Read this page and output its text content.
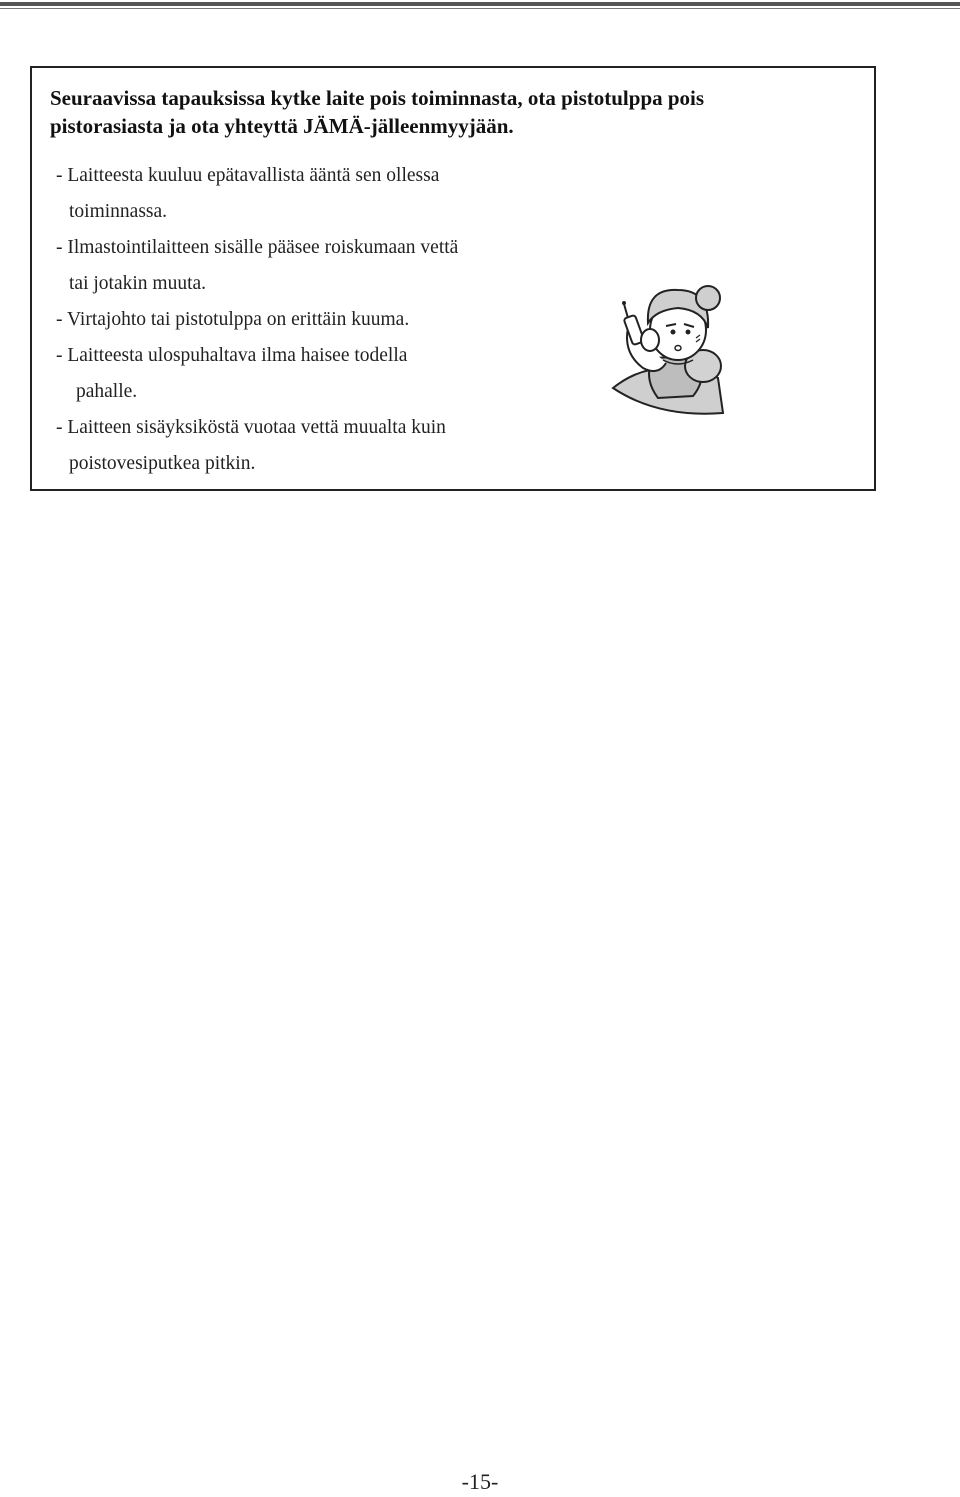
Seuraavissa tapauksissa kytke laite pois toiminnasta, ota pistotulppa pois
pistorasiasta ja ota yhteyttä JÄMÄ-jälleenmyyjään.

- Laitteesta kuuluu epätavallista ääntä sen ollessa
toiminnassa.
- Ilmastointilaitteen sisälle pääsee roiskumaan vettä
tai jotakin muuta.
- Virtajohto tai pistotulppa on erittäin kuuma.
- Laitteesta ulospuhaltava ilma haisee todella
pahalle.
- Laitteen sisäyksiköstä vuotaa vettä muualta kuin
poistovesiputkea pitkin.
-15-
